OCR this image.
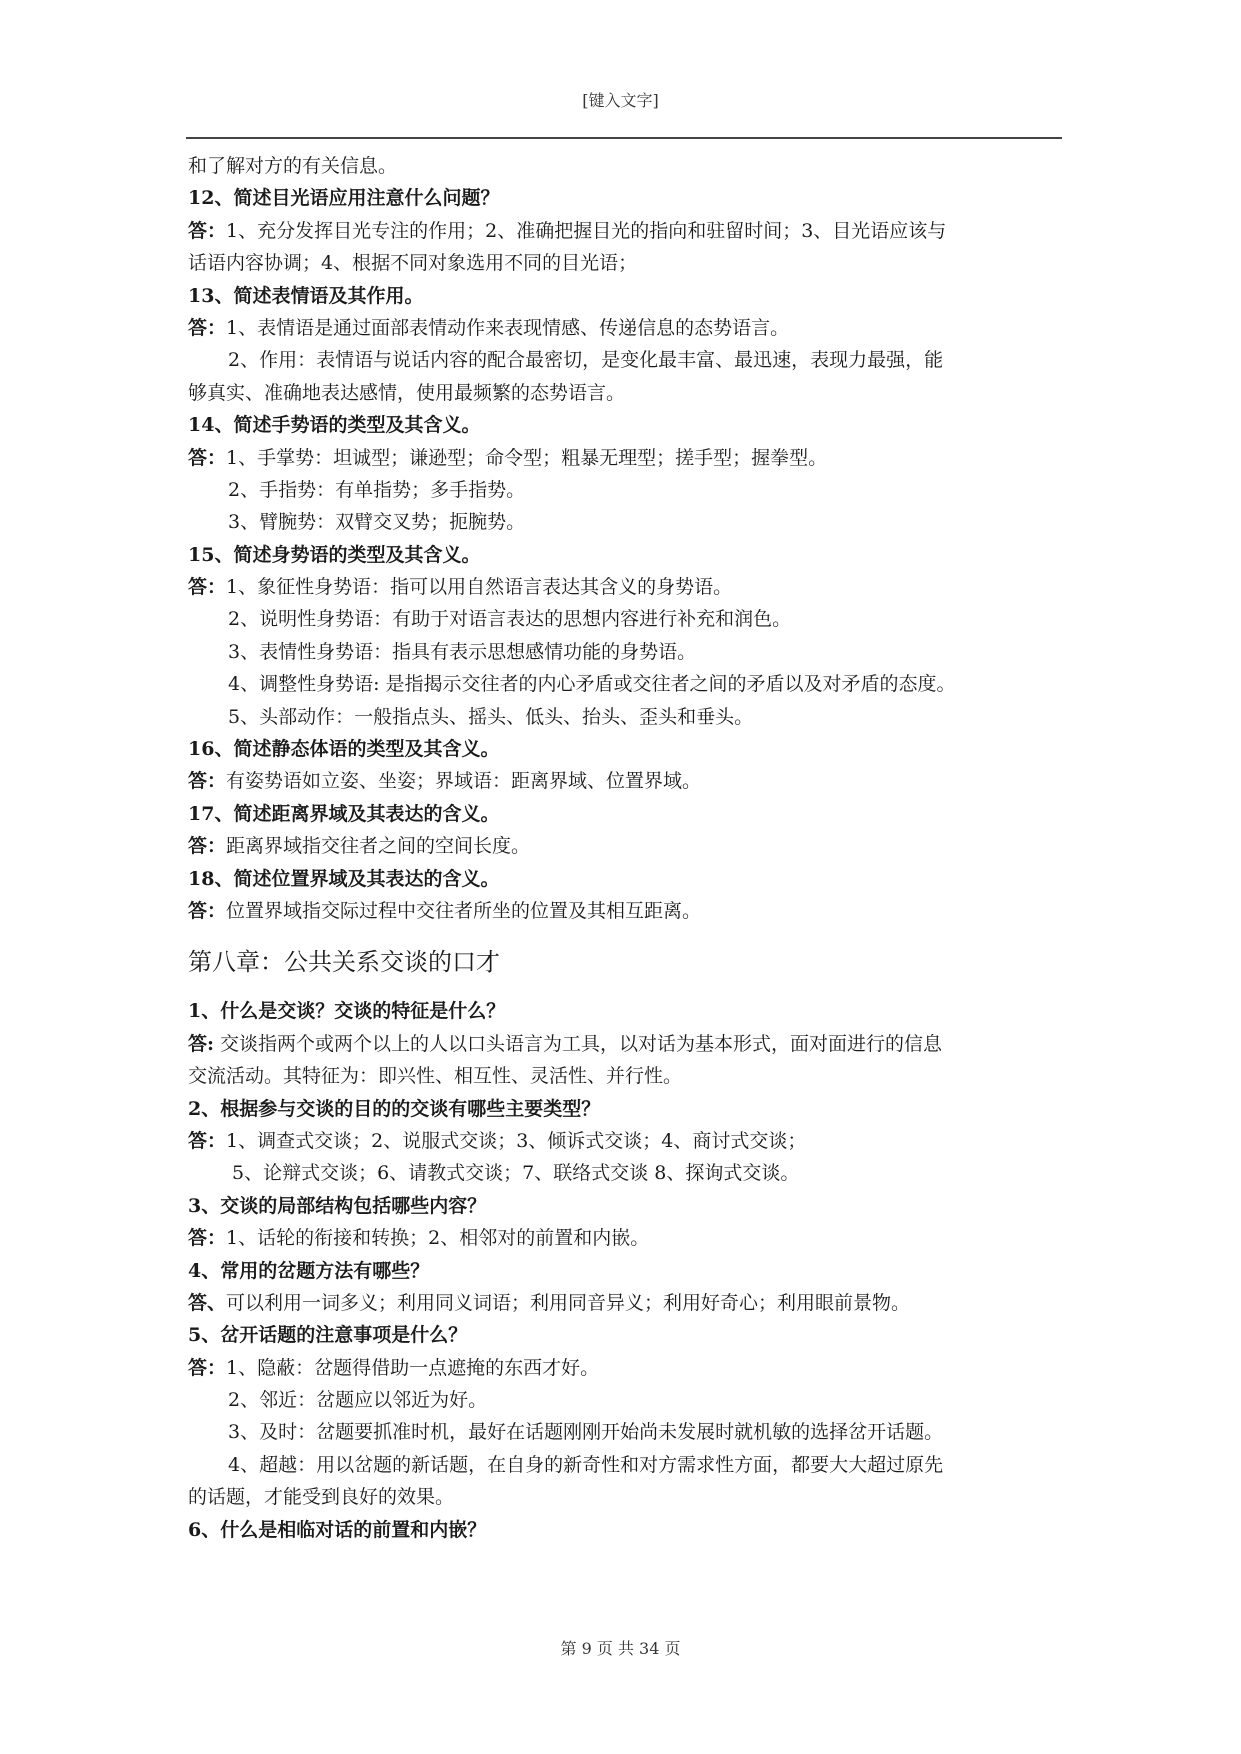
[键入文字]
和了解对方的有关信息。
12、简述目光语应用注意什么问题？
答：1、充分发挥目光专注的作用；2、准确把握目光的指向和驻留时间；3、目光语应该与
话语内容协调；4、根据不同对象选用不同的目光语；
13、简述表情语及其作用。
答：1、表情语是通过面部表情动作来表现情感、传递信息的态势语言。
2、作用：表情语与说话内容的配合最密切，是变化最丰富、最迅速，表现力最强，能
够真实、准确地表达感情，使用最频繁的态势语言。
14、简述手势语的类型及其含义。
答：1、手掌势：坦诚型；谦逊型；命令型；粗暴无理型；搓手型；握拳型。
2、手指势：有单指势；多手指势。
3、臂腕势：双臂交叉势；扼腕势。
15、简述身势语的类型及其含义。
答：1、象征性身势语：指可以用自然语言表达其含义的身势语。
2、说明性身势语：有助于对语言表达的思想内容进行补充和润色。
3、表情性身势语：指具有表示思想感情功能的身势语。
4、调整性身势语: 是指揭示交往者的内心矛盾或交往者之间的矛盾以及对矛盾的态度。
5、头部动作：一般指点头、摇头、低头、抬头、歪头和垂头。
16、简述静态体语的类型及其含义。
答：有姿势语如立姿、坐姿；界域语：距离界域、位置界域。
17、简述距离界域及其表达的含义。
答：距离界域指交往者之间的空间长度。
18、简述位置界域及其表达的含义。
答：位置界域指交际过程中交往者所坐的位置及其相互距离。
第八章：公共关系交谈的口才
1、什么是交谈？交谈的特征是什么？
答: 交谈指两个或两个以上的人以口头语言为工具，以对话为基本形式，面对面进行的信息
交流活动。其特征为：即兴性、相互性、灵活性、并行性。
2、根据参与交谈的目的的交谈有哪些主要类型？
答：1、调查式交谈；2、说服式交谈；3、倾诉式交谈；4、商讨式交谈；
5、论辩式交谈；6、请教式交谈；7、联络式交谈 8、探询式交谈。
3、交谈的局部结构包括哪些内容？
答：1、话轮的衔接和转换；2、相邻对的前置和内嵌。
4、常用的岔题方法有哪些？
答、可以利用一词多义；利用同义词语；利用同音异义；利用好奇心；利用眼前景物。
5、岔开话题的注意事项是什么？
答：1、隐蔽：岔题得借助一点遮掩的东西才好。
2、邻近：岔题应以邻近为好。
3、及时：岔题要抓准时机，最好在话题刚刚开始尚未发展时就机敏的选择岔开话题。
4、超越：用以岔题的新话题，在自身的新奇性和对方需求性方面，都要大大超过原先
的话题，才能受到良好的效果。
6、什么是相临对话的前置和内嵌？
第 9 页 共 34 页
